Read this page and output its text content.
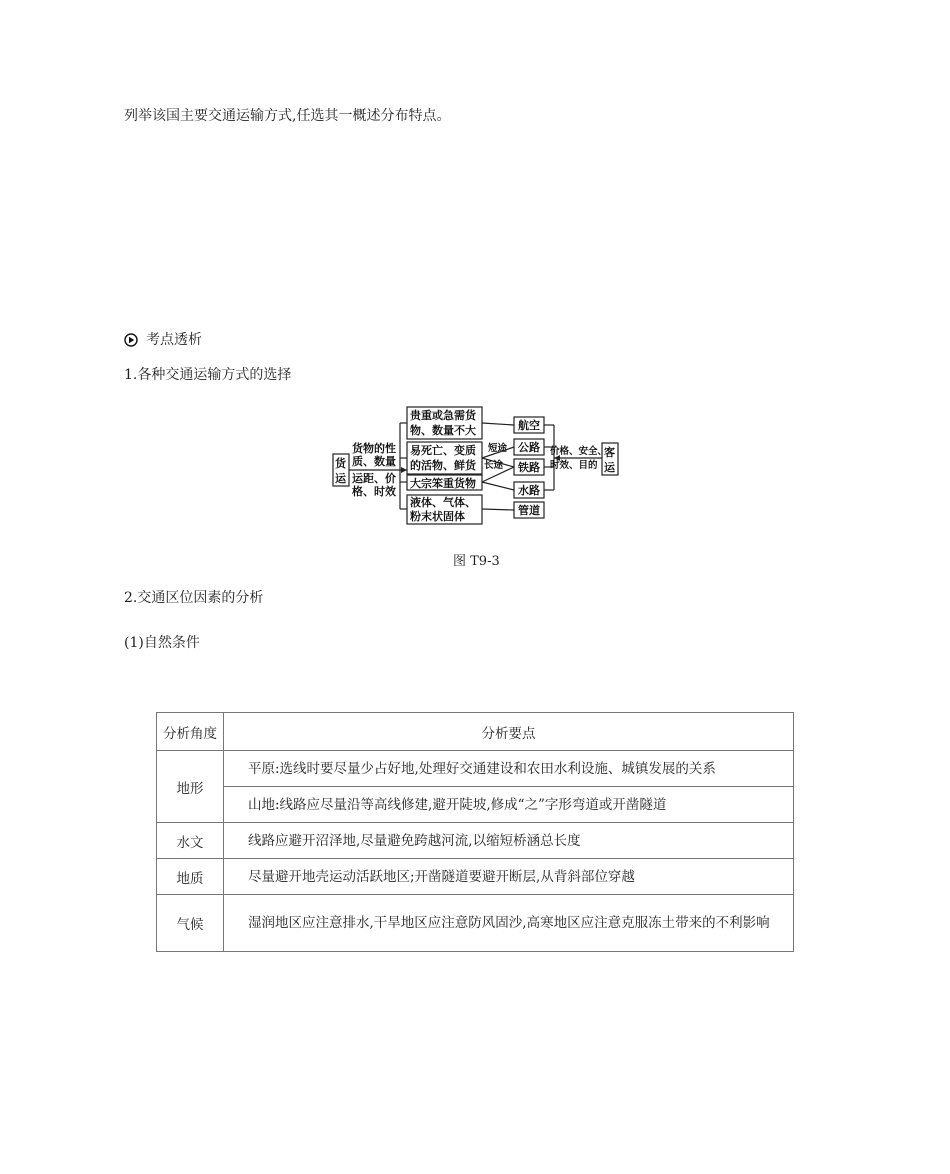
列举该国主要交通运输方式,任选其一概述分布特点。
考点透析
1.各种交通运输方式的选择
货
运
货物的性
质、数量
运距、价
格、时效
贵重或急需货
物、数量不大
易死亡、变质
的活物、鲜货
大宗笨重货物
液体、气体、
粉末状固体
短途
长途
航空
公路
铁路
水路
管道
价格、安全、
时效、目的
客
运
图 T9-3
2.交通区位因素的分析
(1)自然条件
分析角度	分析要点
地形	平原:选线时要尽量少占好地,处理好交通建设和农田水利设施、城镇发展的关系
	山地:线路应尽量沿等高线修建,避开陡坡,修成“之”字形弯道或开凿隧道
水文	线路应避开沼泽地,尽量避免跨越河流,以缩短桥涵总长度
地质	尽量避开地壳运动活跃地区;开凿隧道要避开断层,从背斜部位穿越
气候	湿润地区应注意排水,干旱地区应注意防风固沙,高寒地区应注意克服冻土带来的不利影响
